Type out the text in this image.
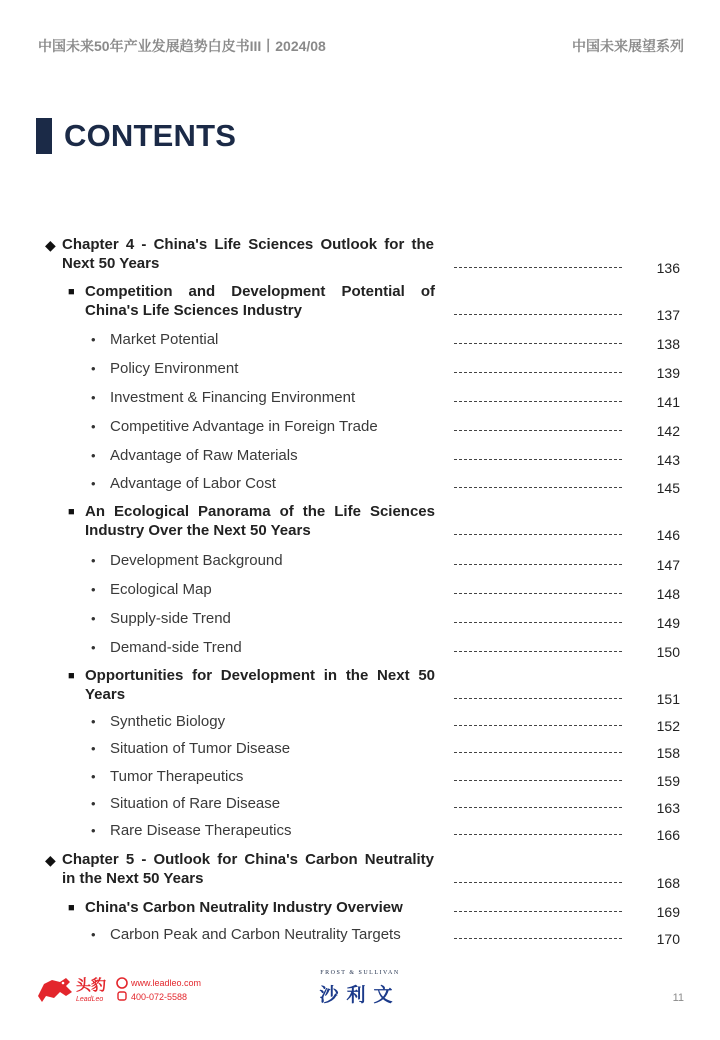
中国未来50年产业发展趋势白皮书III丨2024/08	中国未来展望系列
CONTENTS
◆ Chapter 4 - China's Life Sciences Outlook for the
Next 50 Years	136
■ Competition and Development Potential of
China's Life Sciences Industry	137
• Market Potential	138
• Policy Environment	139
• Investment & Financing Environment	141
• Competitive Advantage in Foreign Trade	142
• Advantage of Raw Materials	143
• Advantage of Labor Cost	145
■ An Ecological Panorama of the Life Sciences
Industry Over the Next 50 Years	146
• Development Background	147
• Ecological Map	148
• Supply-side Trend	149
• Demand-side Trend	150
■ Opportunities for Development in the Next 50
Years	151
• Synthetic Biology	152
• Situation of Tumor Disease	158
• Tumor Therapeutics	159
• Situation of Rare Disease	163
• Rare Disease Therapeutics	166
◆ Chapter 5 - Outlook for China's Carbon Neutrality
in the Next 50 Years	168
■ China's Carbon Neutrality Industry Overview	169
• Carbon Peak and Carbon Neutrality Targets	170
头豹
LeadLeo
www.leadleo.com
400-072-5588
FROST & SULLIVAN
沙利文	11
